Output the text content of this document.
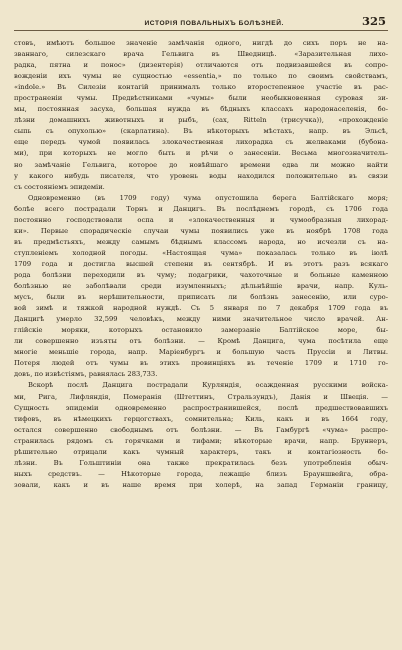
ИСТОРІЯ ПОВАЛЬНЫХЪ БОЛѢЗНЕЙ.	325

стовъ, имѣютъ большое значеніе замѣчанія одного, нигдѣ до сихъ поръ не на-

званнаго, силезскаго врача Гельвига въ Шведницѣ. «Заразительная лихо-

радка, пятна и понос» (дизентерія) отличаются отъ подвизавшейся въ сопро-

вожденіи ихъ чумы не сущностью «essentia,» по только по своимъ свойствамъ,

«indole.» Въ Силезіи контагій принималъ только второстепенное участіе въ рас-

пространеніи чумы. Предвѣстниками «чумы» были необыкновенная суровая зи-

мы, постоянная засуха, большая нужда въ бѣдныхъ классахъ народонаселенія, бо-

лѣзни домашнихъ животныхъ и рыбъ, (сах, Ritteln (трисучка)), «прохожденіе

сыпь съ опухолью» (скарлатина). Въ нѣкоторыхъ мѣстахъ, напр. въ Эльсѣ,

еще передъ чумой появилась злокачественная лихорадка съ желваками (бубона-

ми), при которыхъ не могло быть и рѣчи о занесеніи. Весьма многозначитель-

но замѣчаніе Гельвига, которое до новѣйшаго времени едва ли можно найти

у какого нибудь писателя, что уровень воды находился положительно въ связи

съ состояніемъ эпидеміи.

Одновременно (въ 1709 году) чума опустошила берега Балтійскаго моря;

болѣе всего пострадали Торнъ и Данцигъ. Въ послѣднемъ городѣ, съ 1706 года

постоянно господствовали оспа и «злокачественныя и чумообразныя лихорад-

ки». Первые спорадическіе случаи чумы появились уже въ ноябрѣ 1708 года

въ предмѣстьяхъ, между самымъ бѣднымъ классомъ народа, но исчезли съ на-

ступленіемъ холодной погоды. «Настоящая чума» показалась только въ іюлѣ

1709 года и достигла высшей степени въ сентябрѣ. И въ этотъ разъ всякаго

рода болѣзни переходили въ чуму; подагрики, чахоточные и больные каменною

болѣзнью не заболѣвали среди изумленныхъ; дѣльнѣйшіе врачи, напр. Куль-

мусъ, были въ нерѣшительности, приписать ли болѣзнь занесенію, или суро-

вой зимѣ и тяжкой народной нуждѣ. Съ 5 января по 7 декабря 1709 года въ

Данцигѣ умерло 32,599 человѣкъ, между ними значительное число врачей. Ан-

глійскіе моряки, которыхъ остановило замерзаніе Балтійское море, бы-

ли совершенно изъяты отъ болѣзни. — Кромѣ Данцига, чума посѣтила еще

многіе меньшіе города, напр. Маріенбургъ и большую часть Пруссіи и Литвы.

Потеря людей отъ чумы въ этихъ провинціяхъ въ теченіе 1709 и 1710 го-

довъ, по извѣстіямъ, равнялась 283,733.

Вскорѣ послѣ Данцига пострадали Курляндія, осажденная русскими войска-

ми, Рига, Лифляндія, Померанія (Штеттинъ, Стральзундъ), Данія и Швеція. —

Сущность эпидеміи одновременно распространившейся, послѣ предшествовавшихъ

тифовъ, въ нѣмецкихъ герцогствахъ, сомнительна; Киль, какъ и въ 1664 году,

остался совершенно свободнымъ отъ болѣзни. — Въ Гамбургѣ «чума» распро-

странилась рядомъ съ горячками и тифами; нѣкоторые врачи, напр. Бруннеръ,

рѣшительно отрицали какъ чумный характеръ, такъ и контагіозность бо-

лѣзни. Въ Гольштиніи она также прекратилась безъ употребленія обыч-

ныхъ средствъ. — Нѣкоторые города, лежащіе близъ Брауншвейга, обра-

зовали, какъ и въ наше время при холерѣ, на запад Германіи границу,
